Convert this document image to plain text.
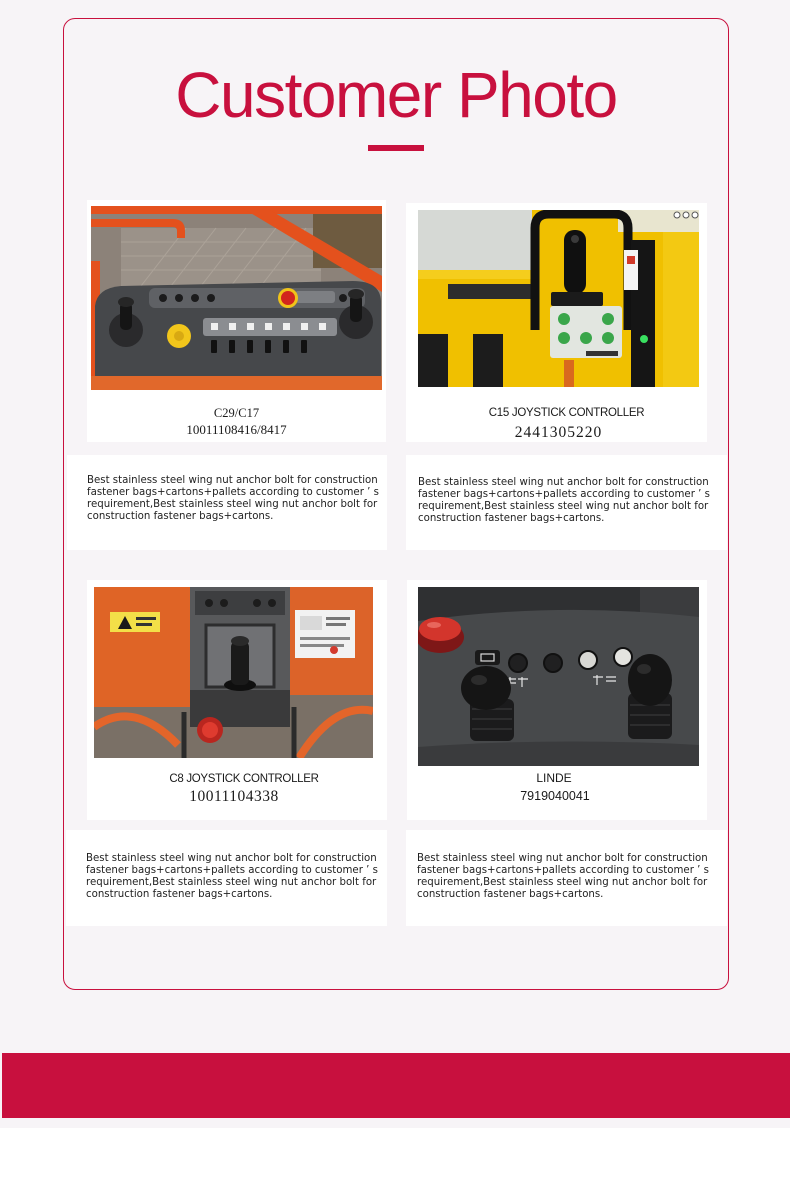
Customer Photo
C29/C17
10011108416/8417
C15 JOYSTICK CONTROLLER
2441305220

Best stainless steel wing nut anchor bolt for construction fastener bags+cartons+pallets according to customer ’ s requirement,Best stainless steel wing nut anchor bolt for construction fastener bags+cartons.

Best stainless steel wing nut anchor bolt for construction fastener bags+cartons+pallets according to customer ’ s requirement,Best stainless steel wing nut anchor bolt for construction fastener bags+cartons.

C8 JOYSTICK CONTROLLER
10011104338
LINDE
7919040041

Best stainless steel wing nut anchor bolt for construction fastener bags+cartons+pallets according to customer ’ s requirement,Best stainless steel wing nut anchor bolt for construction fastener bags+cartons.

Best stainless steel wing nut anchor bolt for construction fastener bags+cartons+pallets according to customer ’ s requirement,Best stainless steel wing nut anchor bolt for construction fastener bags+cartons.
